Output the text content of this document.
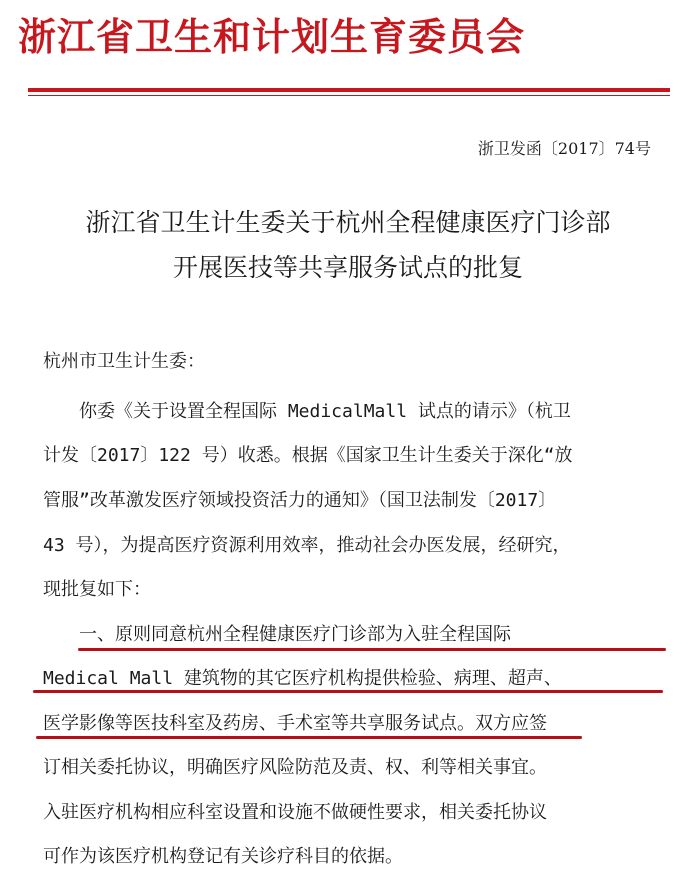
浙江省卫生和计划生育委员会
浙卫发函〔2017〕74号
浙江省卫生计生委关于杭州全程健康医疗门诊部
开展医技等共享服务试点的批复
杭州市卫生计生委：
你委《关于设置全程国际 MedicalMall 试点的请示》（杭卫
计发〔2017〕122 号）收悉。根据《国家卫生计生委关于深化“放
管服”改革激发医疗领域投资活力的通知》（国卫法制发〔2017〕
43 号），为提高医疗资源利用效率，推动社会办医发展，经研究，
现批复如下：
一、原则同意杭州全程健康医疗门诊部为入驻全程国际
Medical Mall 建筑物的其它医疗机构提供检验、病理、超声、
医学影像等医技科室及药房、手术室等共享服务试点。双方应签
订相关委托协议，明确医疗风险防范及责、权、利等相关事宜。
入驻医疗机构相应科室设置和设施不做硬性要求，相关委托协议
可作为该医疗机构登记有关诊疗科目的依据。
